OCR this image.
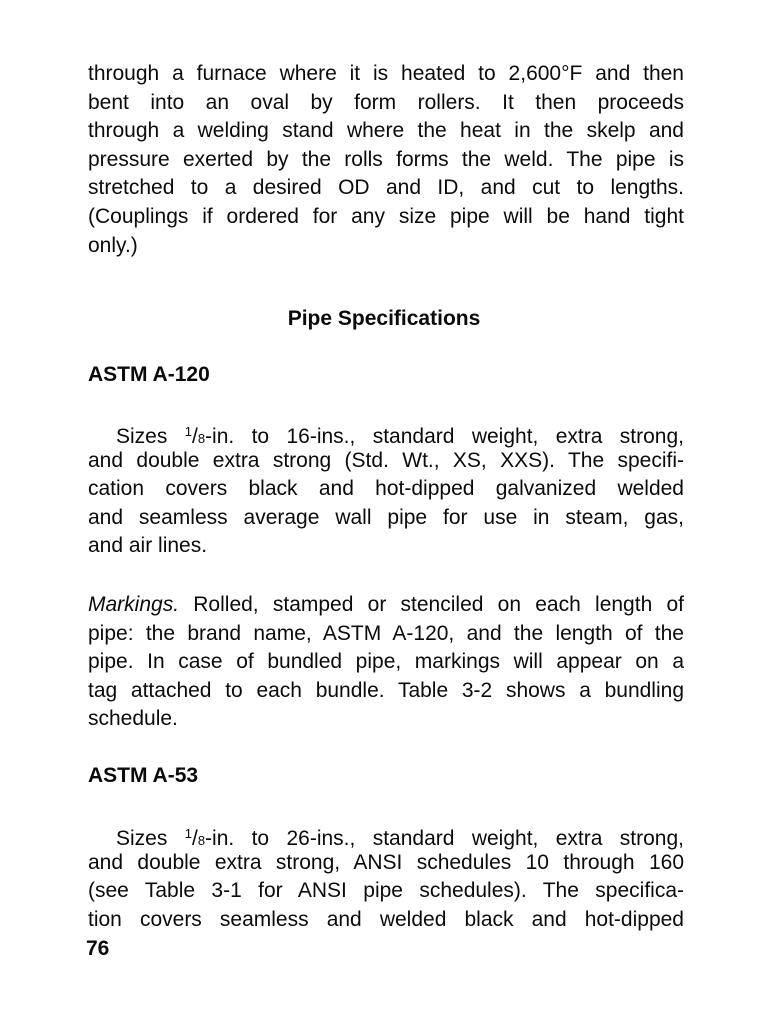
through a furnace where it is heated to 2,600°F and then
bent into an oval by form rollers. It then proceeds
through a welding stand where the heat in the skelp and
pressure exerted by the rolls forms the weld. The pipe is
stretched to a desired OD and ID, and cut to lengths.
(Couplings if ordered for any size pipe will be hand tight
only.)
Pipe Specifications
ASTM A-120
Sizes $^1$/8-in. to 16-ins., standard weight, extra strong,
and double extra strong (Std. Wt., XS, XXS). The specifi-
cation covers black and hot-dipped galvanized welded
and seamless average wall pipe for use in steam, gas,
and air lines.
Markings. Rolled, stamped or stenciled on each length of
pipe: the brand name, ASTM A-120, and the length of the
pipe. In case of bundled pipe, markings will appear on a
tag attached to each bundle. Table 3-2 shows a bundling
schedule.
ASTM A-53
Sizes $^1$/8-in. to 26-ins., standard weight, extra strong,
and double extra strong, ANSI schedules 10 through 160
(see Table 3-1 for ANSI pipe schedules). The specifica-
tion covers seamless and welded black and hot-dipped
76
